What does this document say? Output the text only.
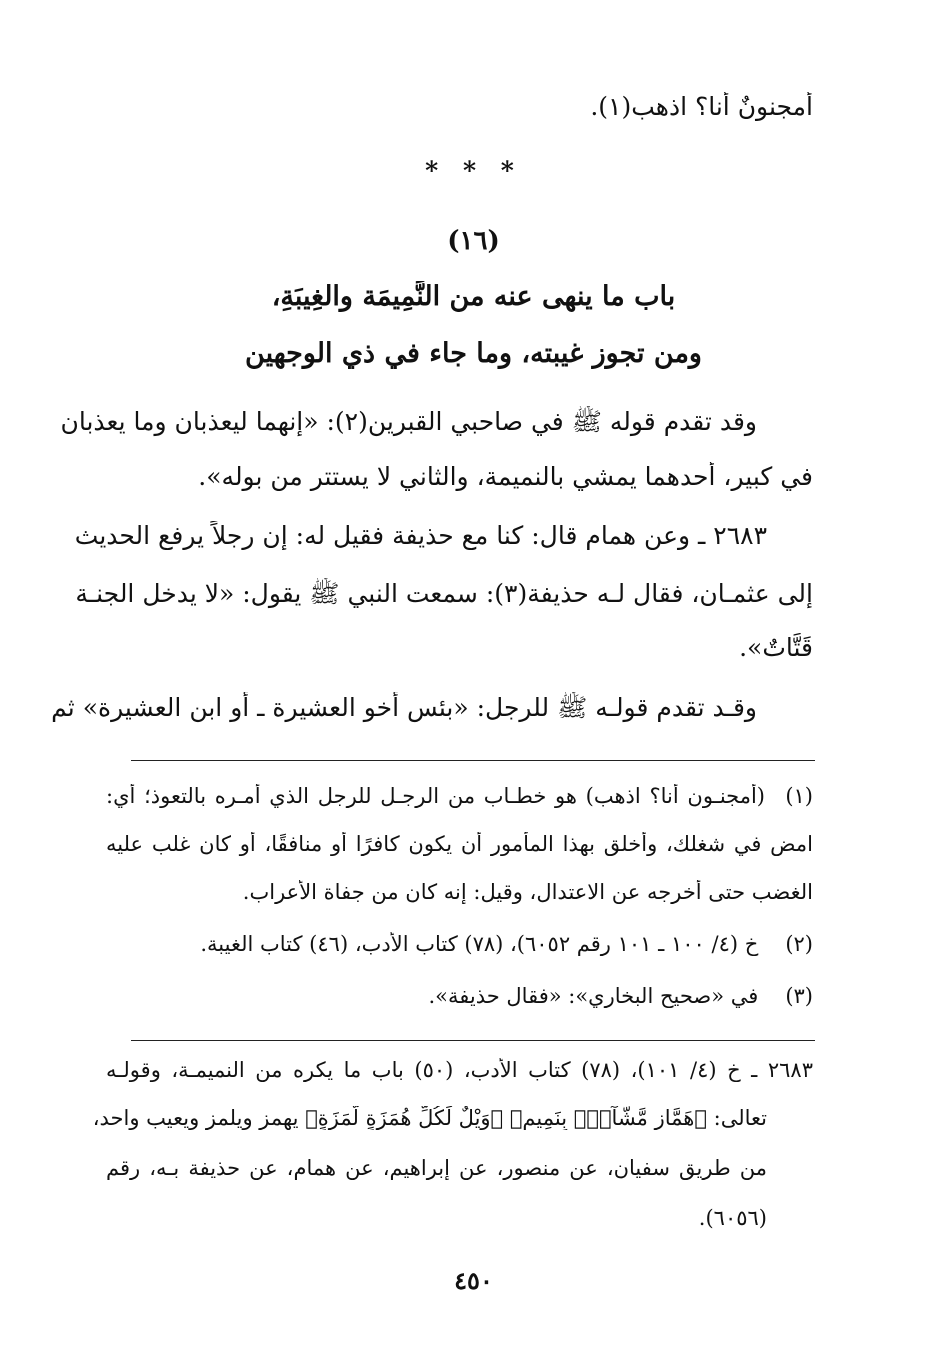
أمجنونٌ أنا؟ اذهب(١).
* * *
(١٦)
باب ما ينهى عنه من النَّمِيمَة والغِيبَةِ،
ومن تجوز غيبته، وما جاء في ذي الوجهين
وقد تقدم قوله ﷺ في صاحبي القبرين(٢): «إنهما ليعذبان وما يعذبان
في كبير، أحدهما يمشي بالنميمة، والثاني لا يستتر من بوله».
٢٦٨٣ ـ وعن همام قال: كنا مع حذيفة فقيل له: إن رجلاً يرفع الحديث
إلى عثمـان، فقال لـه حذيفة(٣): سمعت النبي ﷺ يقول: «لا يدخل الجنـة
قَتَّاتٌ».
وقـد تقدم قولـه ﷺ للرجل: «بئس أخو العشيرة ـ أو ابن العشيرة» ثم
(١)
(أمجنـون أنا؟ اذهب) هو خطـاب من الرجـل للرجل الذي أمـره بالتعوذ؛ أي:
امضِ في شغلك، وأخلق بهذا المأمور أن يكون كافرًا أو منافقًا، أو كان غلب عليه
الغضب حتى أخرجه عن الاعتدال، وقيل: إنه كان من جفاة الأعراب.
(٢) خ (٤/ ١٠٠ ـ ١٠١ رقم ٦٠٥٢)، (٧٨) كتاب الأدب، (٤٦) كتاب الغيبة.
(٣) في «صحيح البخاري»: «فقال حذيفة».
٢٦٨٣ ـ خ (٤/ ١٠١)، (٧٨) كتاب الأدب، (٥٠) باب ما يكره من النميمـة، وقولـه
تعالى: ﴿هَمَّازٍ مَّشَّآءِۭ بِنَمِيمٍ﴾ ﴿وَيْلٌ لِّكُلِّ هُمَزَةٍ لُّمَزَةٍ﴾ يهمز ويلمز ويعيب واحد،
من طريق سفيان، عن منصور، عن إبراهيم، عن همام، عن حذيفة بـه، رقم
(٦٠٥٦).
٤٥٠
